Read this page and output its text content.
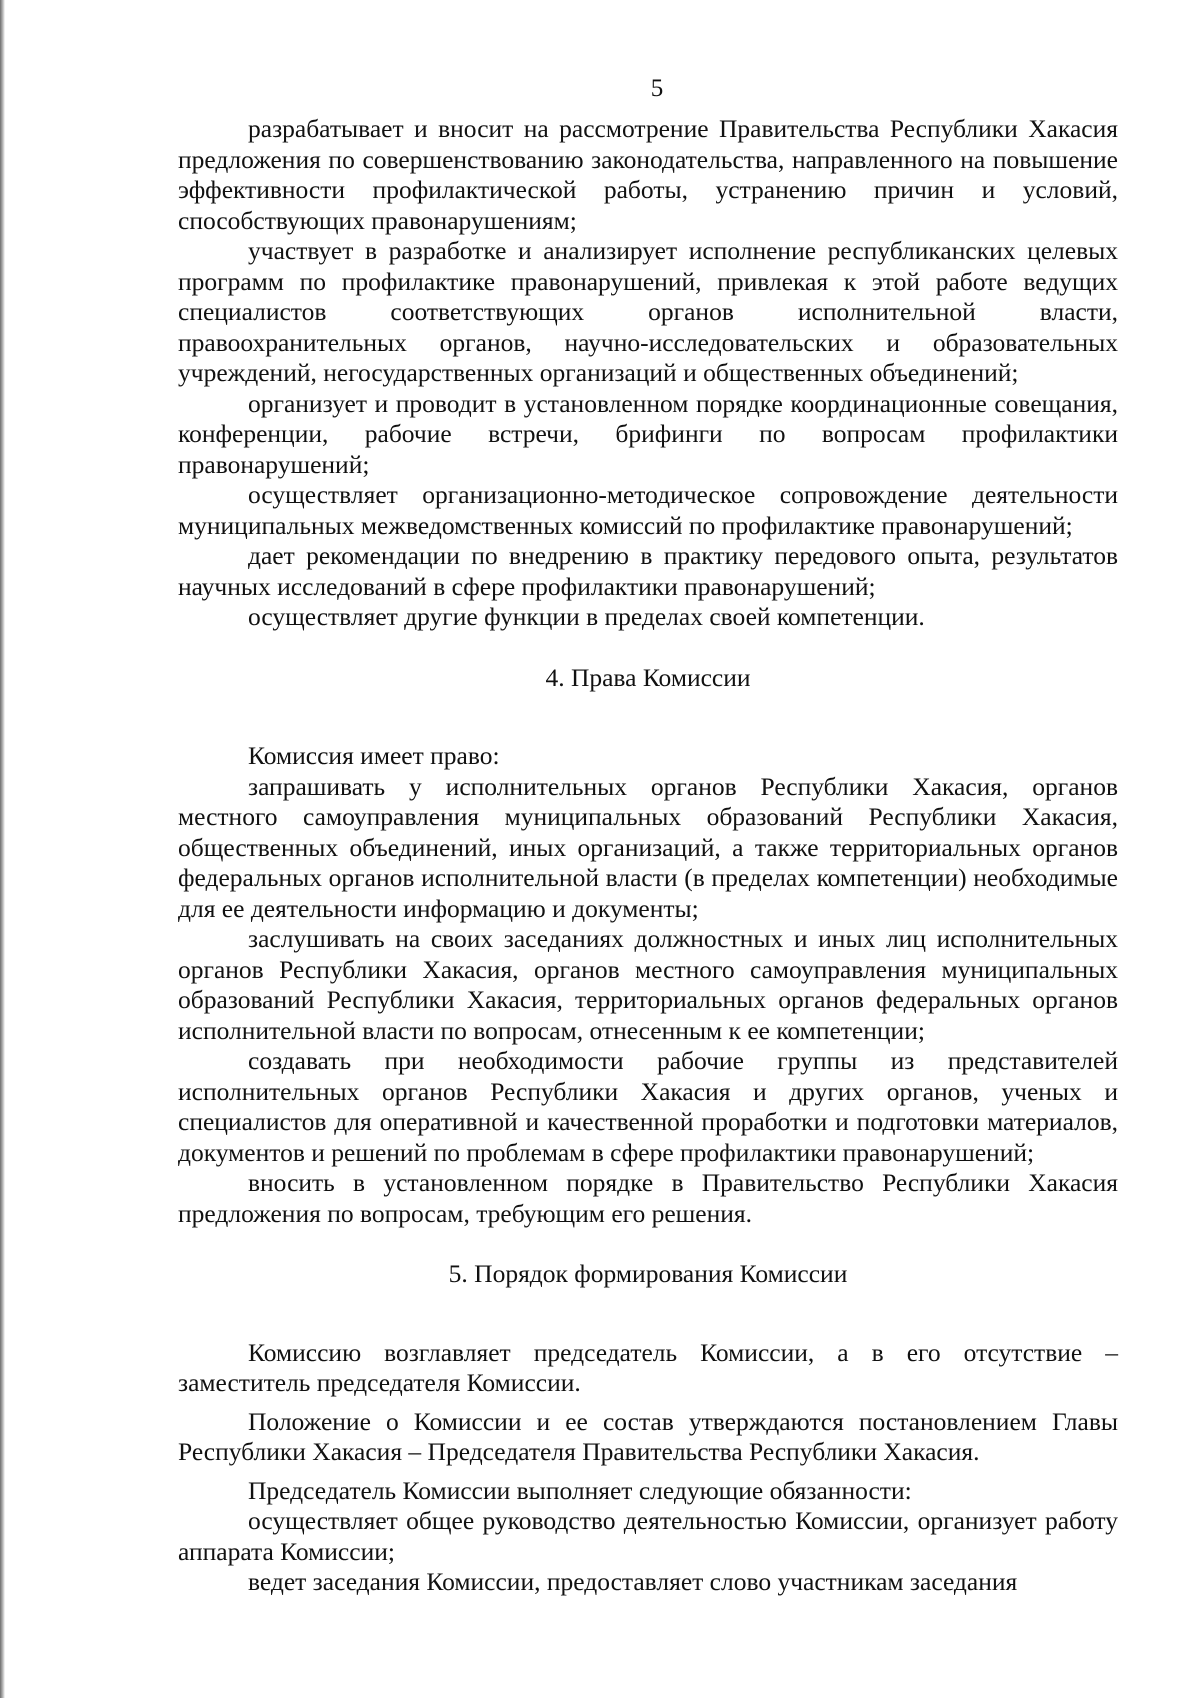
5

разрабатывает и вносит на рассмотрение Правительства Республики Хакасия предложения по совершенствованию законодательства, направленного на повышение эффективности профилактической работы, устранению причин и условий, способствующих правонарушениям;

участвует в разработке и анализирует исполнение республиканских целевых программ по профилактике правонарушений, привлекая к этой работе ведущих специалистов соответствующих органов исполнительной власти, правоохранительных органов, научно-исследовательских и образовательных учреждений, негосударственных организаций и общественных объединений;

организует и проводит в установленном порядке координационные совещания, конференции, рабочие встречи, брифинги по вопросам профилактики правонарушений;

осуществляет организационно-методическое сопровождение деятельности муниципальных межведомственных комиссий по профилактике правонарушений;

дает рекомендации по внедрению в практику передового опыта, результатов научных исследований в сфере профилактики правонарушений;

осуществляет другие функции в пределах своей компетенции.

4. Права Комиссии

Комиссия имеет право:

запрашивать у исполнительных органов Республики Хакасия, органов местного самоуправления муниципальных образований Республики Хакасия, общественных объединений, иных организаций, а также территориальных органов федеральных органов исполнительной власти (в пределах компетенции) необходимые для ее деятельности информацию и документы;

заслушивать на своих заседаниях должностных и иных лиц исполнительных органов Республики Хакасия, органов местного самоуправления муниципальных образований Республики Хакасия, территориальных органов федеральных органов исполнительной власти по вопросам, отнесенным к ее компетенции;

создавать при необходимости рабочие группы из представителей исполнительных органов Республики Хакасия и других органов, ученых и специалистов для оперативной и качественной проработки и подготовки материалов, документов и решений по проблемам в сфере профилактики правонарушений;

вносить в установленном порядке в Правительство Республики Хакасия предложения по вопросам, требующим его решения.

5. Порядок формирования Комиссии

Комиссию возглавляет председатель Комиссии, а в его отсутствие – заместитель председателя Комиссии.

Положение о Комиссии и ее состав утверждаются постановлением Главы Республики Хакасия – Председателя Правительства Республики Хакасия.

Председатель Комиссии выполняет следующие обязанности:

осуществляет общее руководство деятельностью Комиссии, организует работу аппарата Комиссии;

ведет заседания Комиссии, предоставляет слово участникам заседания
